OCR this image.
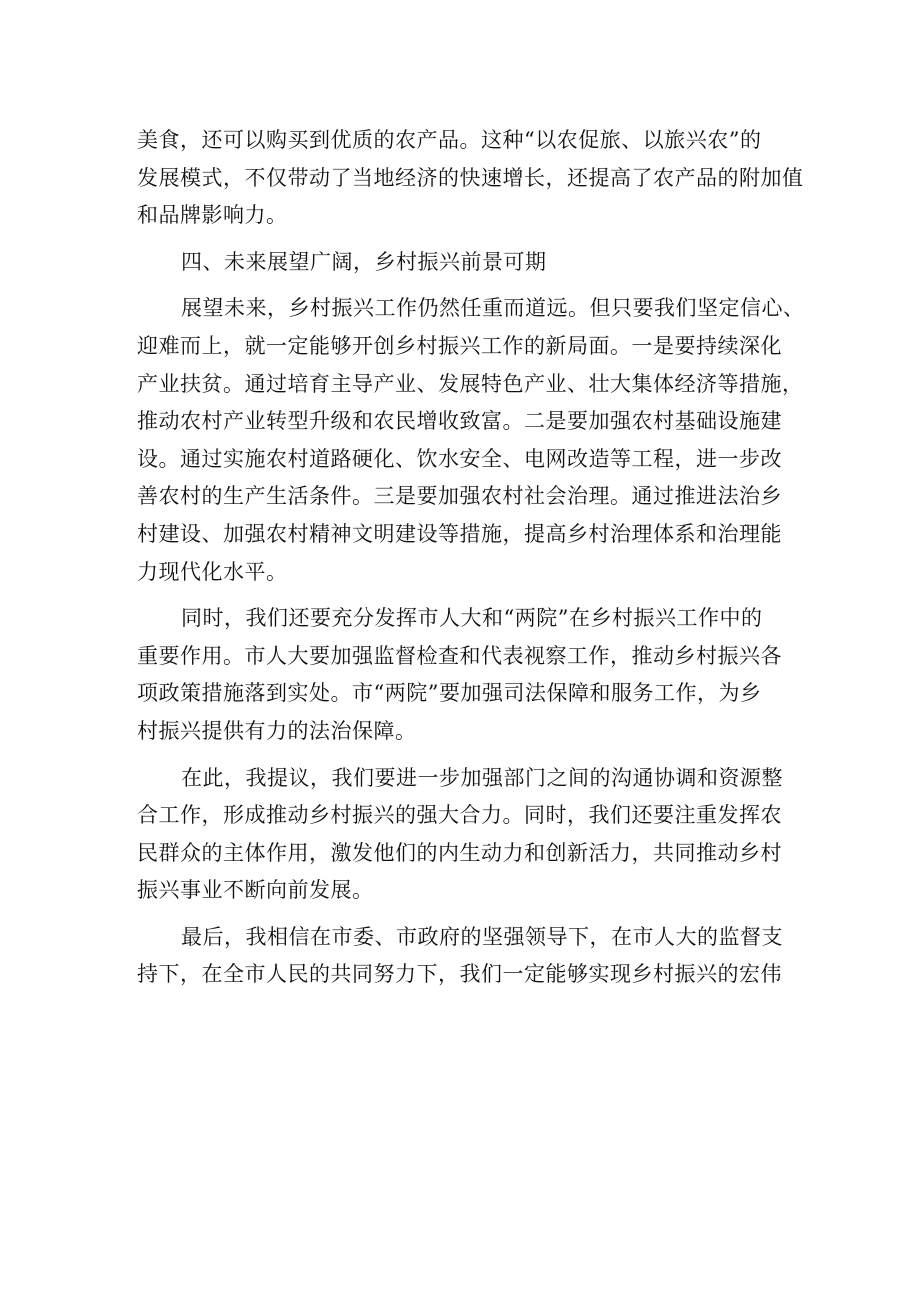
美食，还可以购买到优质的农产品。这种“以农促旅、以旅兴农”的
发展模式，不仅带动了当地经济的快速增长，还提高了农产品的附加值
和品牌影响力。
四、未来展望广阔，乡村振兴前景可期
展望未来，乡村振兴工作仍然任重而道远。但只要我们坚定信心、
迎难而上，就一定能够开创乡村振兴工作的新局面。一是要持续深化
产业扶贫。通过培育主导产业、发展特色产业、壮大集体经济等措施，
推动农村产业转型升级和农民增收致富。二是要加强农村基础设施建
设。通过实施农村道路硬化、饮水安全、电网改造等工程，进一步改
善农村的生产生活条件。三是要加强农村社会治理。通过推进法治乡
村建设、加强农村精神文明建设等措施，提高乡村治理体系和治理能
力现代化水平。
同时，我们还要充分发挥市人大和“两院”在乡村振兴工作中的
重要作用。市人大要加强监督检查和代表视察工作，推动乡村振兴各
项政策措施落到实处。市“两院”要加强司法保障和服务工作，为乡
村振兴提供有力的法治保障。
在此，我提议，我们要进一步加强部门之间的沟通协调和资源整
合工作，形成推动乡村振兴的强大合力。同时，我们还要注重发挥农
民群众的主体作用，激发他们的内生动力和创新活力，共同推动乡村
振兴事业不断向前发展。
最后，我相信在市委、市政府的坚强领导下，在市人大的监督支
持下，在全市人民的共同努力下，我们一定能够实现乡村振兴的宏伟
